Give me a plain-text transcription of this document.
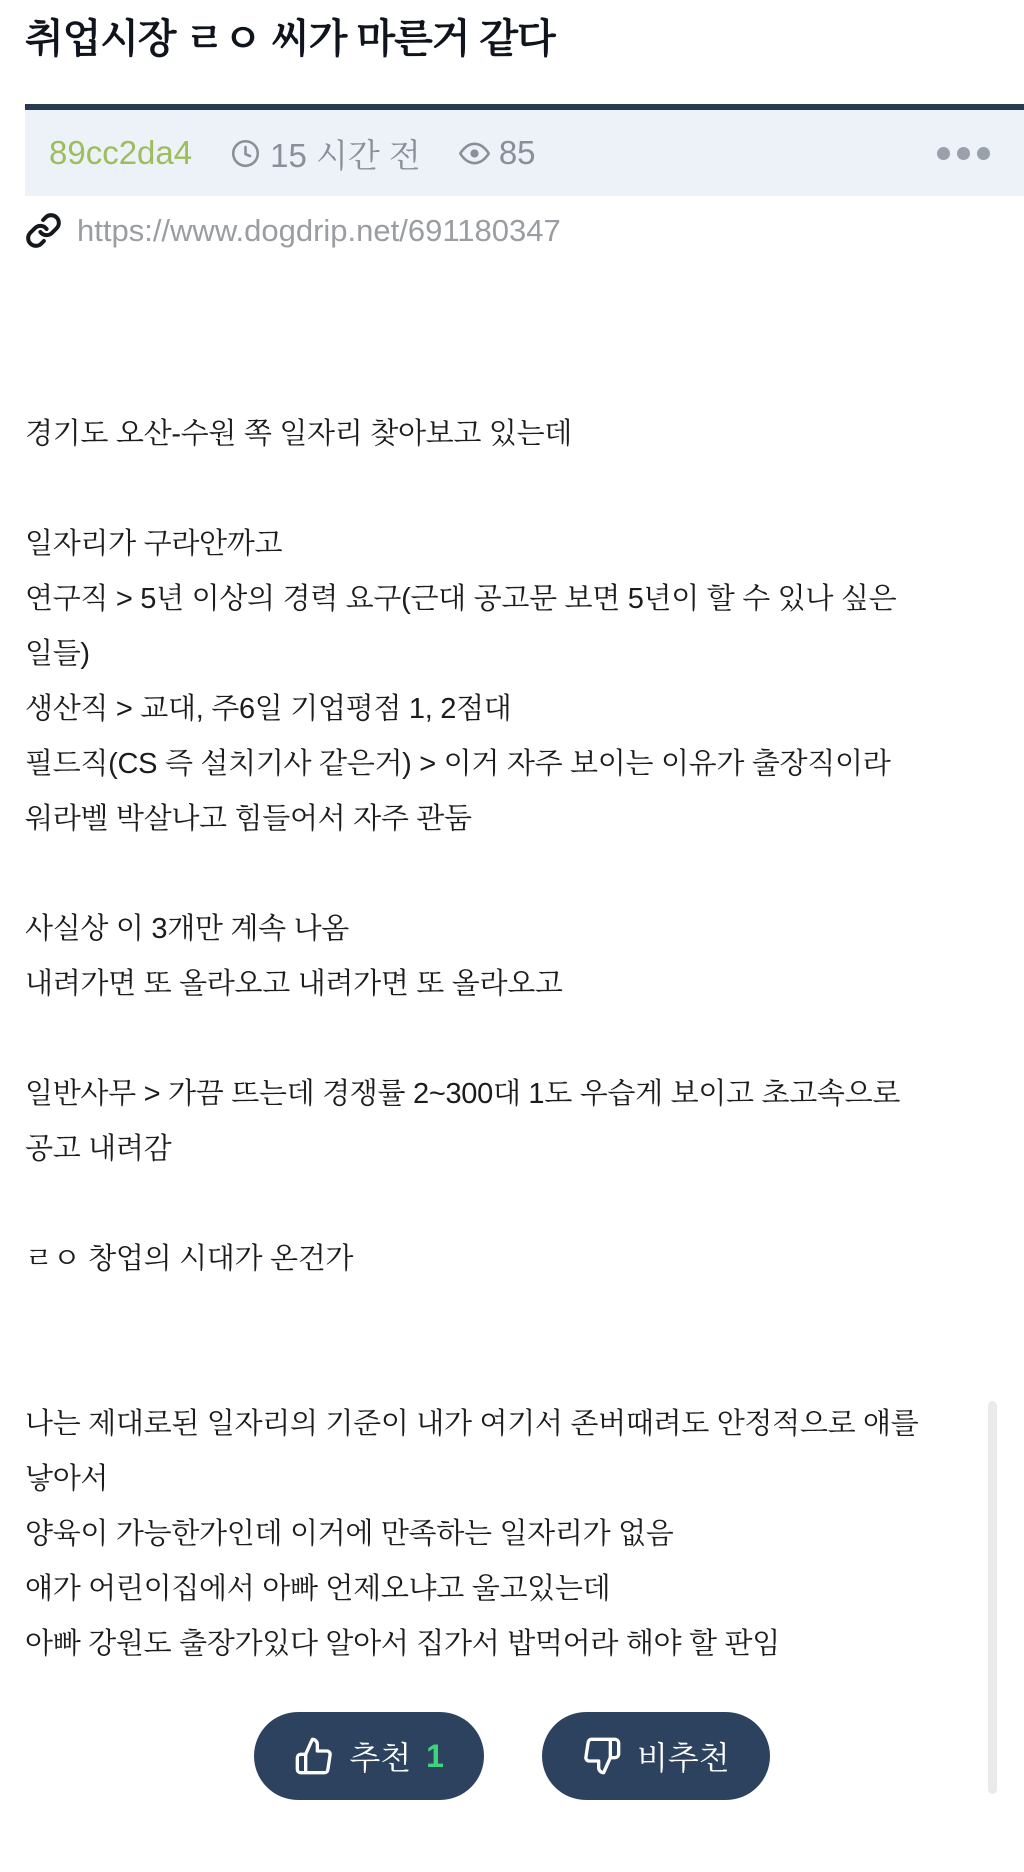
취업시장 ㄹㅇ 씨가 마른거 같다
89cc2da4 15 시간 전 85
https://www.dogdrip.net/691180347

경기도 오산-수원 쪽 일자리 찾아보고 있는데

일자리가 구라안까고

연구직 > 5년 이상의 경력 요구(근대 공고문 보면 5년이 할 수 있나 싶은

일들)

생산직 > 교대, 주6일 기업평점 1, 2점대

필드직(CS 즉 설치기사 같은거) > 이거 자주 보이는 이유가 출장직이라

워라벨 박살나고 힘들어서 자주 관둠

사실상 이 3개만 계속 나옴

내려가면 또 올라오고 내려가면 또 올라오고

일반사무 > 가끔 뜨는데 경쟁률 2~300대 1도 우습게 보이고 초고속으로

공고 내려감

ㄹㅇ 창업의 시대가 온건가

나는 제대로된 일자리의 기준이 내가 여기서 존버때려도 안정적으로 얘를

낳아서

양육이 가능한가인데 이거에 만족하는 일자리가 없음

얘가 어린이집에서 아빠 언제오냐고 울고있는데

아빠 강원도 출장가있다 알아서 집가서 밥먹어라 해야 할 판임

추천 1	비추천
